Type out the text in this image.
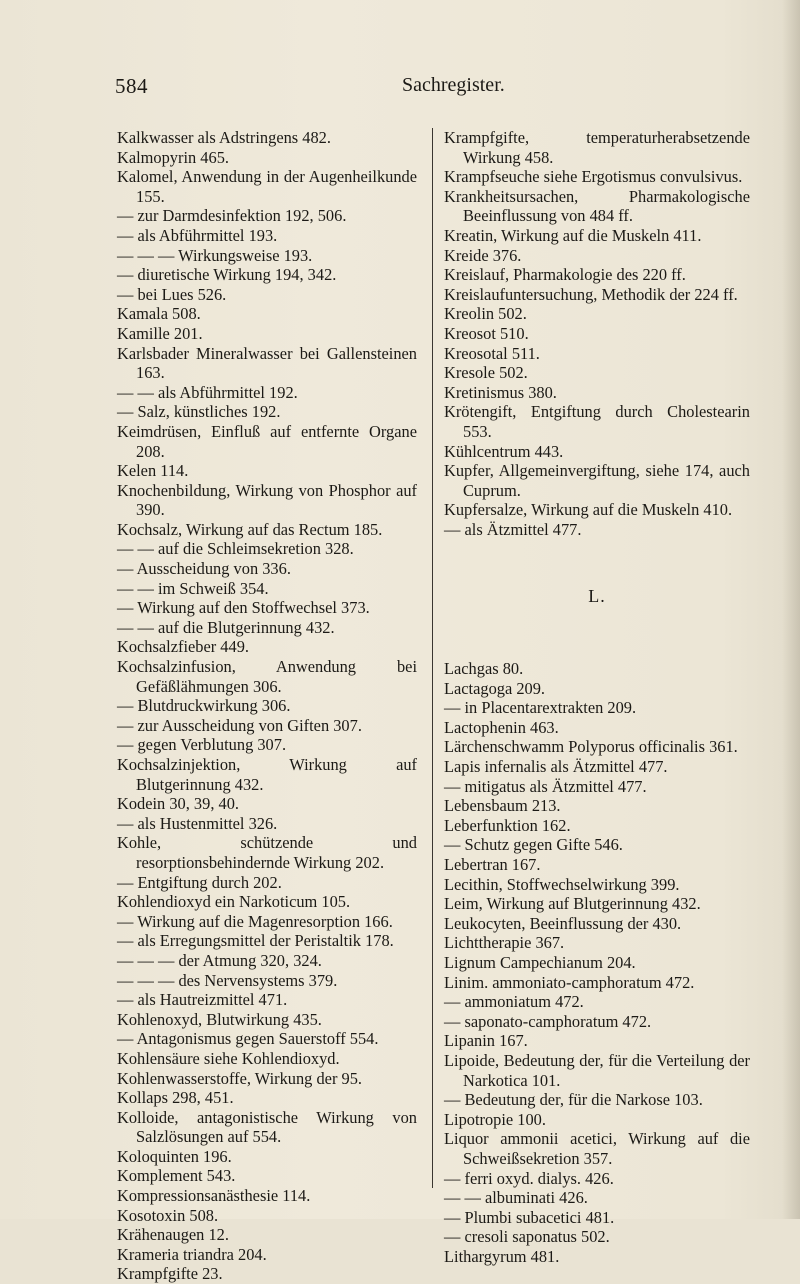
584	Sachregister.
Kalkwasser als Adstringens 482.
Kalmopyrin 465.
Kalomel, Anwendung in der Augenheilkunde 155.
— zur Darmdesinfektion 192, 506.
— als Abführmittel 193.
— — — Wirkungsweise 193.
— diuretische Wirkung 194, 342.
— bei Lues 526.
Kamala 508.
Kamille 201.
Karlsbader Mineralwasser bei Gallensteinen 163.
— — als Abführmittel 192.
— Salz, künstliches 192.
Keimdrüsen, Einfluß auf entfernte Organe 208.
Kelen 114.
Knochenbildung, Wirkung von Phosphor auf 390.
Kochsalz, Wirkung auf das Rectum 185.
— — auf die Schleimsekretion 328.
— Ausscheidung von 336.
— — im Schweiß 354.
— Wirkung auf den Stoffwechsel 373.
— — auf die Blutgerinnung 432.
Kochsalzfieber 449.
Kochsalzinfusion, Anwendung bei Gefäßlähmungen 306.
— Blutdruckwirkung 306.
— zur Ausscheidung von Giften 307.
— gegen Verblutung 307.
Kochsalzinjektion, Wirkung auf Blutgerinnung 432.
Kodein 30, 39, 40.
— als Hustenmittel 326.
Kohle, schützende und resorptionsbehindernde Wirkung 202.
— Entgiftung durch 202.
Kohlendioxyd ein Narkoticum 105.
— Wirkung auf die Magenresorption 166.
— als Erregungsmittel der Peristaltik 178.
— — — der Atmung 320, 324.
— — — des Nervensystems 379.
— als Hautreizmittel 471.
Kohlenoxyd, Blutwirkung 435.
— Antagonismus gegen Sauerstoff 554.
Kohlensäure siehe Kohlendioxyd.
Kohlenwasserstoffe, Wirkung der 95.
Kollaps 298, 451.
Kolloide, antagonistische Wirkung von Salzlösungen auf 554.
Koloquinten 196.
Komplement 543.
Kompressionsanästhesie 114.
Kosotoxin 508.
Krähenaugen 12.
Krameria triandra 204.
Krampfgifte 23.
Krampfgifte, temperaturherabsetzende Wirkung 458.
Krampfseuche siehe Ergotismus convulsivus.
Krankheitsursachen, Pharmakologische Beeinflussung von 484 ff.
Kreatin, Wirkung auf die Muskeln 411.
Kreide 376.
Kreislauf, Pharmakologie des 220 ff.
Kreislaufuntersuchung, Methodik der 224 ff.
Kreolin 502.
Kreosot 510.
Kreosotal 511.
Kresole 502.
Kretinismus 380.
Krötengift, Entgiftung durch Cholestearin 553.
Kühlcentrum 443.
Kupfer, Allgemeinvergiftung, siehe 174, auch Cuprum.
Kupfersalze, Wirkung auf die Muskeln 410.
— als Ätzmittel 477.
L.
Lachgas 80.
Lactagoga 209.
— in Placentarextrakten 209.
Lactophenin 463.
Lärchenschwamm Polyporus officinalis 361.
Lapis infernalis als Ätzmittel 477.
— mitigatus als Ätzmittel 477.
Lebensbaum 213.
Leberfunktion 162.
— Schutz gegen Gifte 546.
Lebertran 167.
Lecithin, Stoffwechselwirkung 399.
Leim, Wirkung auf Blutgerinnung 432.
Leukocyten, Beeinflussung der 430.
Lichttherapie 367.
Lignum Campechianum 204.
Linim. ammoniato-camphoratum 472.
— ammoniatum 472.
— saponato-camphoratum 472.
Lipanin 167.
Lipoide, Bedeutung der, für die Verteilung der Narkotica 101.
— Bedeutung der, für die Narkose 103.
Lipotropie 100.
Liquor ammonii acetici, Wirkung auf die Schweißsekretion 357.
— ferri oxyd. dialys. 426.
— — albuminati 426.
— Plumbi subacetici 481.
— cresoli saponatus 502.
Lithargyrum 481.
